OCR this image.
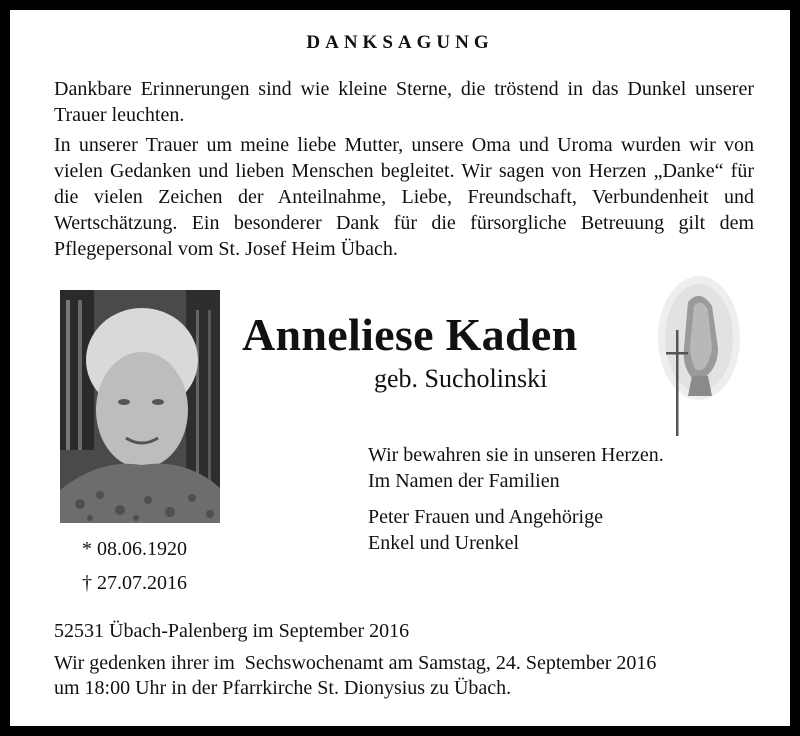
DANKSAGUNG

Dankbare Erinnerungen sind wie kleine Sterne, die tröstend in das Dunkel unserer Trauer leuchten.

In unserer Trauer um meine liebe Mutter, unsere Oma und Uroma wurden wir von vielen Gedanken und lieben Menschen begleitet. Wir sagen von Herzen „Danke“ für die vielen Zeichen der Anteilnahme, Liebe, Freundschaft, Verbundenheit und Wertschätzung. Ein besonderer Dank für die fürsorgliche Betreuung gilt dem Pflegepersonal vom St. Josef Heim Übach.

Anneliese Kaden
geb. Sucholinski
Wir bewahren sie in unseren Herzen.
Im Namen der Familien
Peter Frauen und Angehörige
Enkel und Urenkel
* 08.06.1920
† 27.07.2016
52531 Übach-Palenberg im September 2016
Wir gedenken ihrer im  Sechswochenamt am Samstag, 24. September 2016
um 18:00 Uhr in der Pfarrkirche St. Dionysius zu Übach.
